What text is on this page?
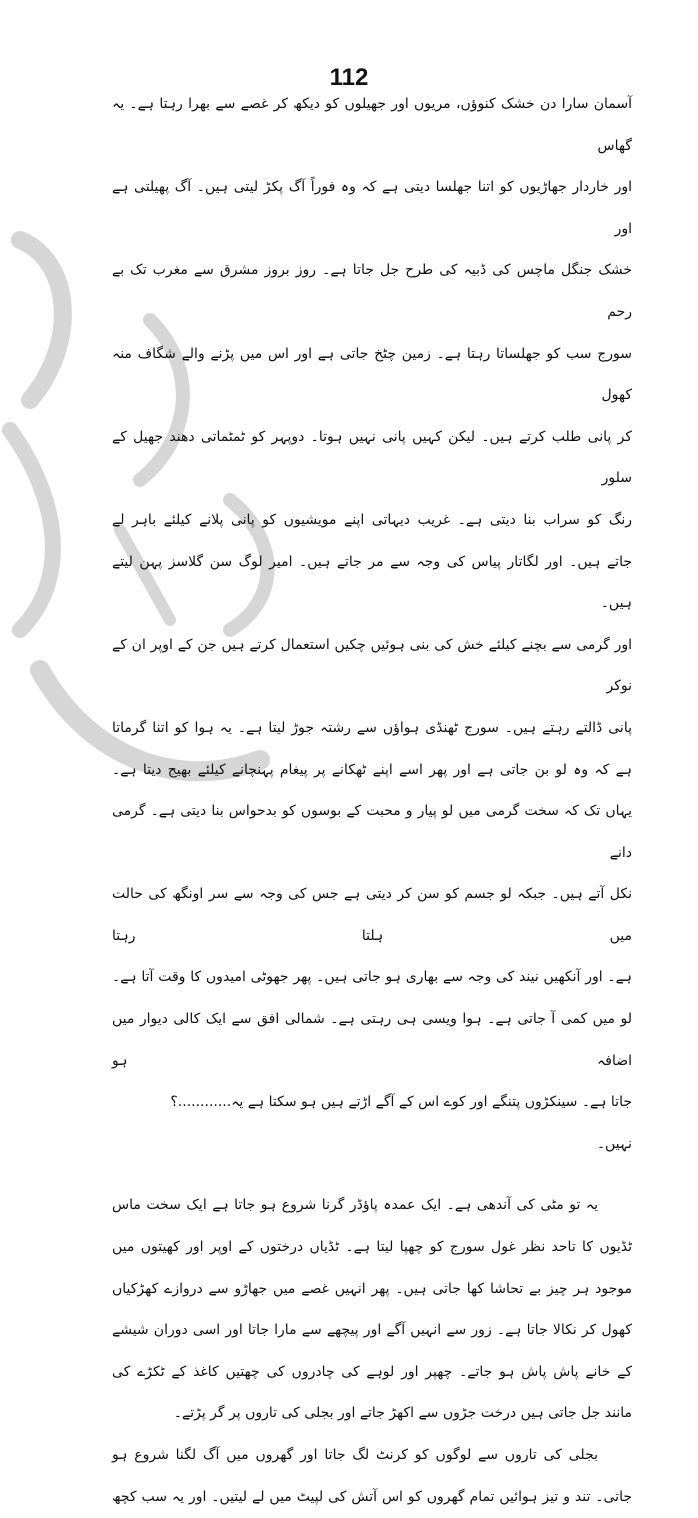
112
آسمان سارا دن خشک کنوؤں، مریوں اور جھیلوں کو دیکھ کر غصے سے بھرا رہتا ہے۔ یہ گھاس
اور خاردار جھاڑیوں کو اتنا جھلسا دیتی ہے کہ وہ فوراً آگ پکڑ لیتی ہیں۔ آگ پھیلتی ہے اور
خشک جنگل ماچس کی ڈبیہ کی طرح جل جاتا ہے۔ روز بروز مشرق سے مغرب تک بے رحم
سورج سب کو جھلساتا رہتا ہے۔ زمین چٹخ جاتی ہے اور اس میں پڑنے والے شگاف منہ کھول
کر پانی طلب کرتے ہیں۔ لیکن کہیں پانی نہیں ہوتا۔ دوپہر کو ٹمٹماتی دھند جھیل کے سلور
رنگ کو سراب بنا دیتی ہے۔ غریب دیہاتی اپنے مویشیوں کو پانی پلانے کیلئے باہر لے
جاتے ہیں۔ اور لگاتار پیاس کی وجہ سے مر جاتے ہیں۔ امیر لوگ سن گلاسز پہن لیتے ہیں۔
اور گرمی سے بچنے کیلئے خش کی بنی ہوئیں چکیں استعمال کرتے ہیں جن کے اوپر ان کے نوکر
پانی ڈالتے رہتے ہیں۔ سورج ٹھنڈی ہواؤں سے رشتہ جوڑ لیتا ہے۔ یہ ہوا کو اتنا گرماتا
ہے کہ وہ لو بن جاتی ہے اور پھر اسے اپنے ٹھکانے پر پیغام پہنچانے کیلئے بھیج دیتا ہے۔
یہاں تک کہ سخت گرمی میں لو پیار و محبت کے بوسوں کو بدحواس بنا دیتی ہے۔ گرمی دانے
نکل آتے ہیں۔ جبکہ لو جسم کو سن کر دیتی ہے جس کی وجہ سے سر اونگھ کی حالت میں ہلتا رہتا
ہے۔ اور آنکھیں نیند کی وجہ سے بھاری ہو جاتی ہیں۔ پھر جھوٹی امیدوں کا وقت آتا ہے۔
لو میں کمی آ جاتی ہے۔ ہوا ویسی ہی رہتی ہے۔ شمالی افق سے ایک کالی دیوار میں اضافہ ہو
جاتا ہے۔ سینکڑوں پتنگے اور کوے اس کے آگے اڑتے ہیں ہو سکتا ہے یہ............؟
نہیں۔
یہ تو مٹی کی آندھی ہے۔ ایک عمدہ پاؤڈر گرنا شروع ہو جاتا ہے ایک سخت ماس
ٹڈیوں کا تاحد نظر غول سورج کو چھپا لیتا ہے۔ ٹڈیاں درختوں کے اوپر اور کھیتوں میں
موجود ہر چیز بے تحاشا کھا جاتی ہیں۔ پھر انہیں غصے میں جھاڑو سے دروازے کھڑکیاں
کھول کر نکالا جاتا ہے۔ زور سے انہیں آگے اور پیچھے سے مارا جاتا اور اسی دوران شیشے
کے خانے پاش پاش ہو جاتے۔ چھپر اور لوہے کی چادروں کی چھتیں کاغذ کے ٹکڑے کی
مانند جل جاتی ہیں درخت جڑوں سے اکھڑ جاتے اور بجلی کی تاروں پر گر پڑتے۔
بجلی کی تاروں سے لوگوں کو کرنٹ لگ جاتا اور گھروں میں آگ لگنا شروع ہو
جاتی۔ تند و تیز ہوائیں تمام گھروں کو اس آتش کی لپیٹ میں لے لیتیں۔ اور یہ سب کچھ
